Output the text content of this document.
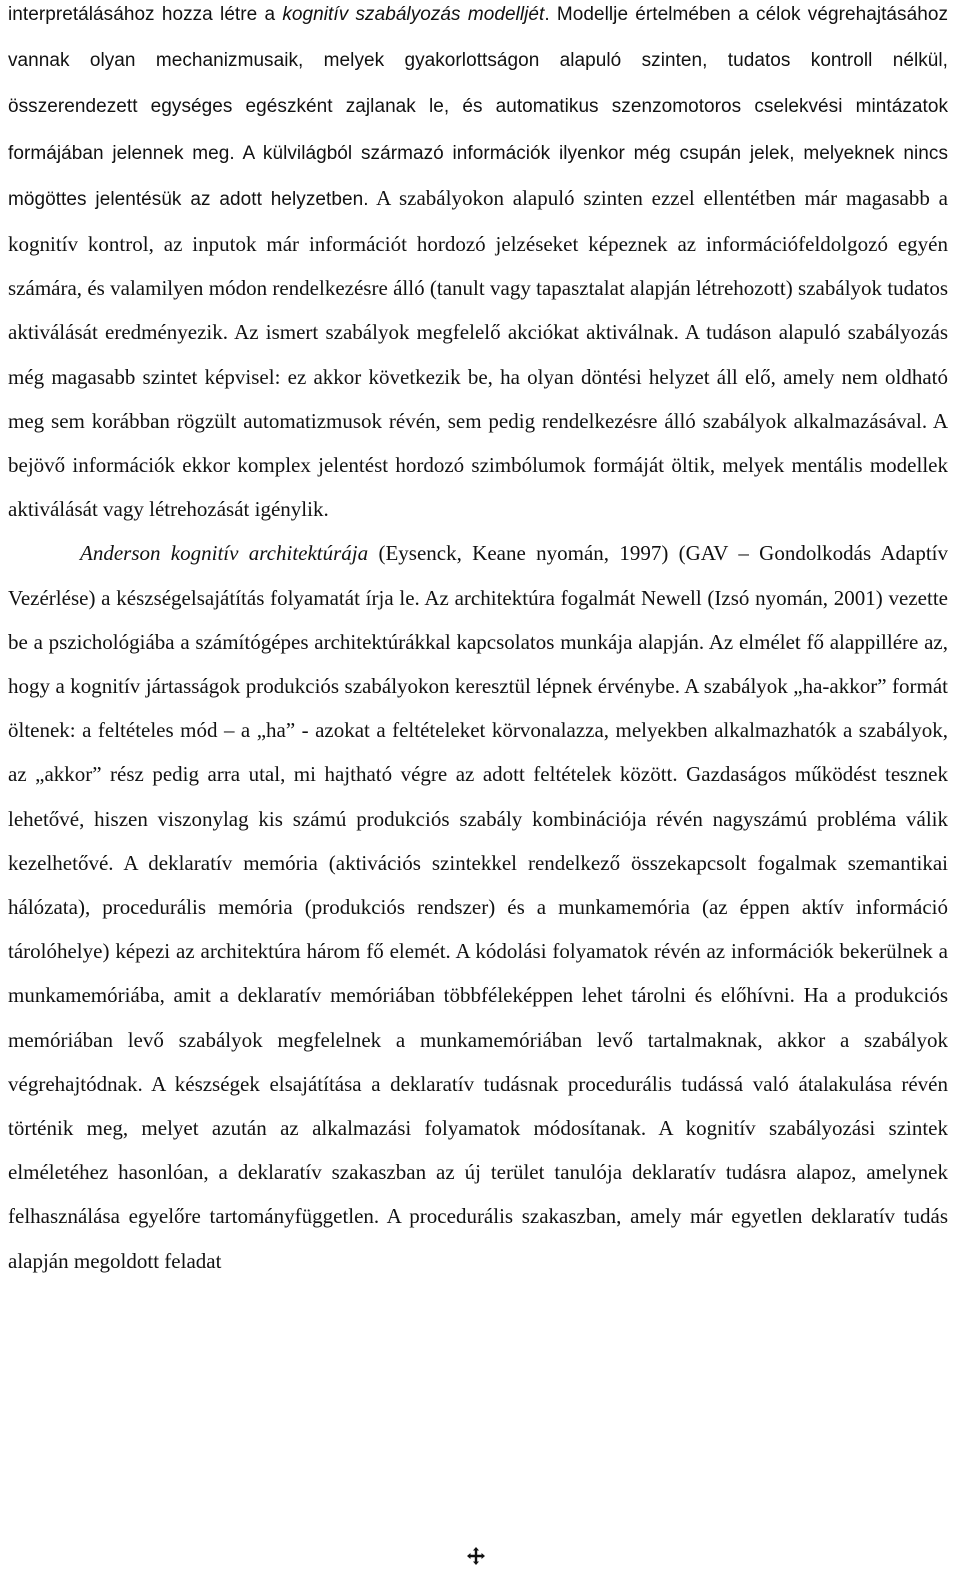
interpretálásához hozza létre a kognitív szabályozás modelljét. Modellje értelmében a célok végrehajtásához vannak olyan mechanizmusaik, melyek gyakorlottságon alapuló szinten, tudatos kontroll nélkül, összerendezett egységes egészként zajlanak le, és automatikus szenzomotoros cselekvési mintázatok formájában jelennek meg. A külvilágból származó információk ilyenkor még csupán jelek, melyeknek nincs mögöttes jelentésük az adott helyzetben. A szabályokon alapuló szinten ezzel ellentétben már magasabb a kognitív kontrol, az inputok már információt hordozó jelzéseket képeznek az információfeldolgozó egyén számára, és valamilyen módon rendelkezésre álló (tanult vagy tapasztalat alapján létrehozott) szabályok tudatos aktiválását eredményezik. Az ismert szabályok megfelelő akciókat aktiválnak. A tudáson alapuló szabályozás még magasabb szintet képvisel: ez akkor következik be, ha olyan döntési helyzet áll elő, amely nem oldható meg sem korábban rögzült automatizmusok révén, sem pedig rendelkezésre álló szabályok alkalmazásával. A bejövő információk ekkor komplex jelentést hordozó szimbólumok formáját öltik, melyek mentális modellek aktiválását vagy létrehozását igénylik.

Anderson kognitív architektúrája (Eysenck, Keane nyomán, 1997) (GAV – Gondolkodás Adaptív Vezérlése) a készségelsajátítás folyamatát írja le. Az architektúra fogalmát Newell (Izsó nyomán, 2001) vezette be a pszichológiába a számítógépes architektúrákkal kapcsolatos munkája alapján. Az elmélet fő alappillére az, hogy a kognitív jártasságok produkciós szabályokon keresztül lépnek érvénybe. A szabályok „ha-akkor” formát öltenek: a feltételes mód – a „ha” - azokat a feltételeket körvonalazza, melyekben alkalmazhatók a szabályok, az „akkor” rész pedig arra utal, mi hajtható végre az adott feltételek között. Gazdaságos működést tesznek lehetővé, hiszen viszonylag kis számú produkciós szabály kombinációja révén nagyszámú probléma válik kezelhetővé. A deklaratív memória (aktivációs szintekkel rendelkező összekapcsolt fogalmak szemantikai hálózata), procedurális memória (produkciós rendszer) és a munkamemória (az éppen aktív információ tárolóhelye) képezi az architektúra három fő elemét. A kódolási folyamatok révén az információk bekerülnek a munkamemóriába, amit a deklaratív memóriában többféleképpen lehet tárolni és előhívni. Ha a produkciós memóriában levő szabályok megfelelnek a munkamemóriában levő tartalmaknak, akkor a szabályok végrehajtódnak. A készségek elsajátítása a deklaratív tudásnak procedurális tudássá való átalakulása révén történik meg, melyet azután az alkalmazási folyamatok módosítanak. A kognitív szabályozási szintek elméletéhez hasonlóan, a deklaratív szakaszban az új terület tanulója deklaratív tudásra alapoz, amelynek felhasználása egyelőre tartományfüggetlen. A procedurális szakaszban, amely már egyetlen deklaratív tudás alapján megoldott feladat
